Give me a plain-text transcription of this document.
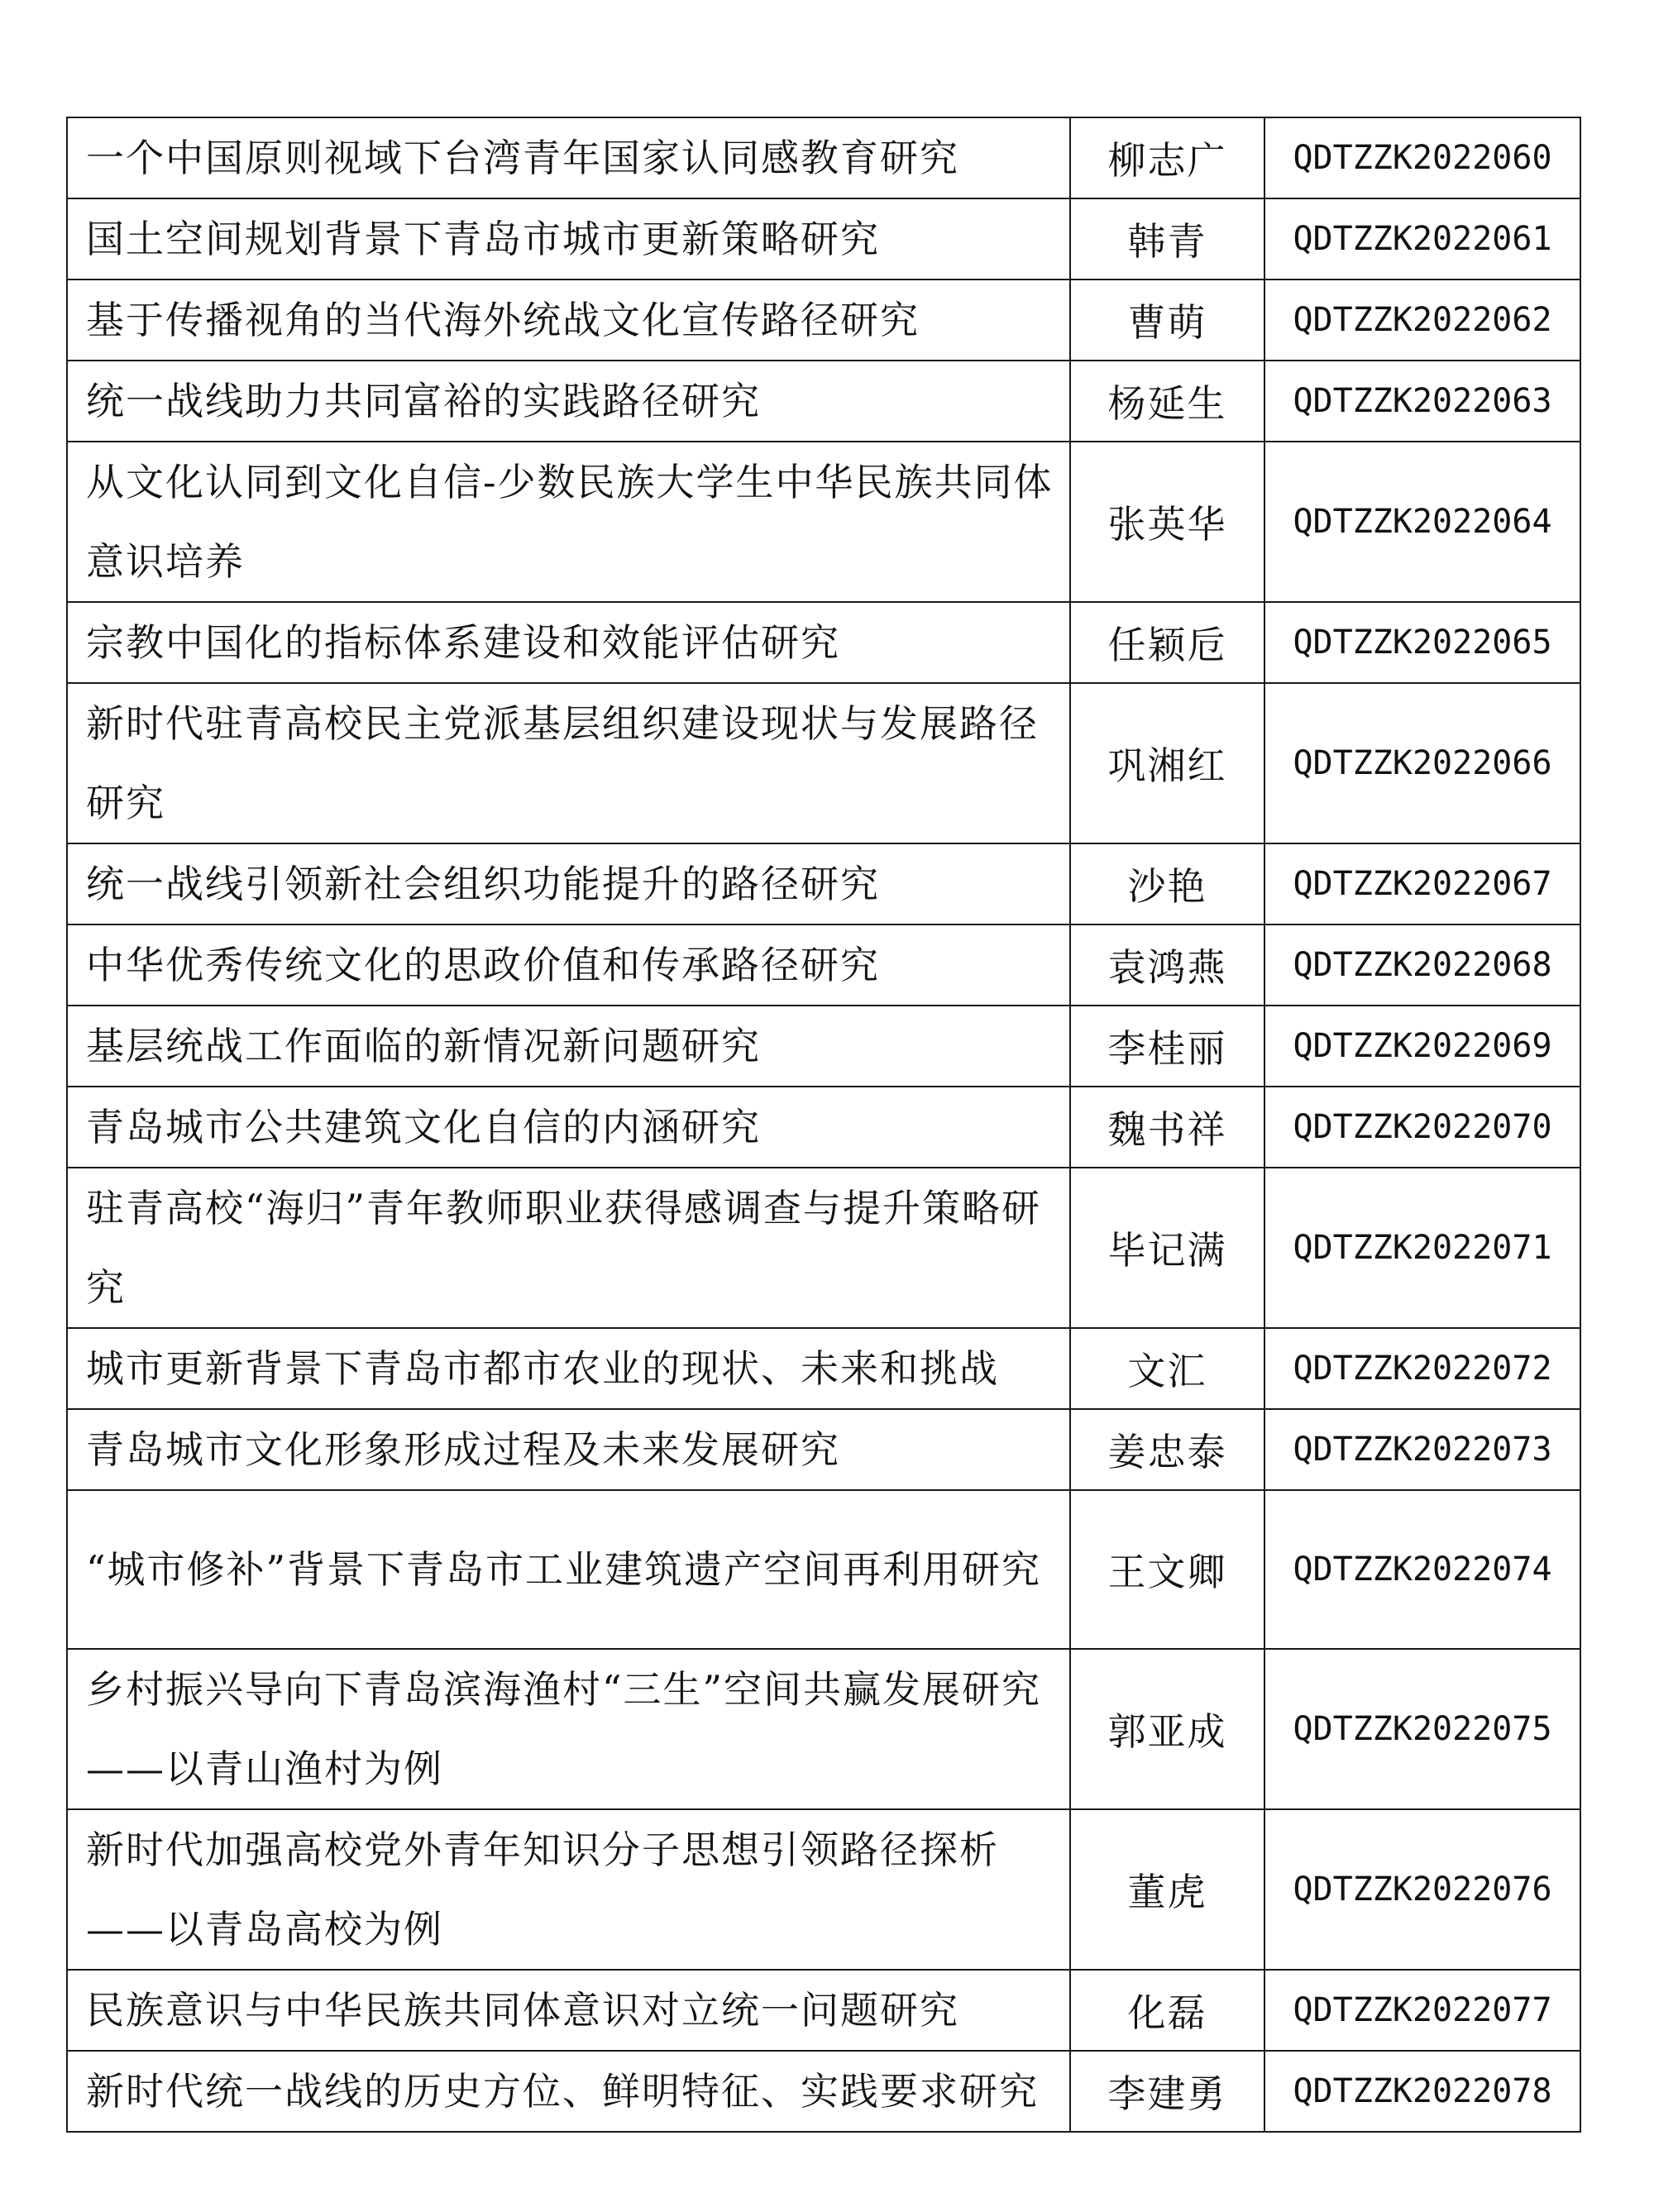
一个中国原则视域下台湾青年国家认同感教育研究	柳志广	QDTZZK2022060
国土空间规划背景下青岛市城市更新策略研究	韩青	QDTZZK2022061
基于传播视角的当代海外统战文化宣传路径研究	曹萌	QDTZZK2022062
统一战线助力共同富裕的实践路径研究	杨延生	QDTZZK2022063
从文化认同到文化自信-少数民族大学生中华民族共同体意识培养	张英华	QDTZZK2022064
宗教中国化的指标体系建设和效能评估研究	任颖卮	QDTZZK2022065
新时代驻青高校民主党派基层组织建设现状与发展路径研究	巩湘红	QDTZZK2022066
统一战线引领新社会组织功能提升的路径研究	沙艳	QDTZZK2022067
中华优秀传统文化的思政价值和传承路径研究	袁鸿燕	QDTZZK2022068
基层统战工作面临的新情况新问题研究	李桂丽	QDTZZK2022069
青岛城市公共建筑文化自信的内涵研究	魏书祥	QDTZZK2022070
驻青高校“海归”青年教师职业获得感调查与提升策略研究	毕记满	QDTZZK2022071
城市更新背景下青岛市都市农业的现状、未来和挑战	文汇	QDTZZK2022072
青岛城市文化形象形成过程及未来发展研究	姜忠泰	QDTZZK2022073
“城市修补”背景下青岛市工业建筑遗产空间再利用研究	王文卿	QDTZZK2022074
乡村振兴导向下青岛滨海渔村“三生”空间共赢发展研究——以青山渔村为例	郭亚成	QDTZZK2022075
新时代加强高校党外青年知识分子思想引领路径探析——以青岛高校为例	董虎	QDTZZK2022076
民族意识与中华民族共同体意识对立统一问题研究	化磊	QDTZZK2022077
新时代统一战线的历史方位、鲜明特征、实践要求研究	李建勇	QDTZZK2022078
